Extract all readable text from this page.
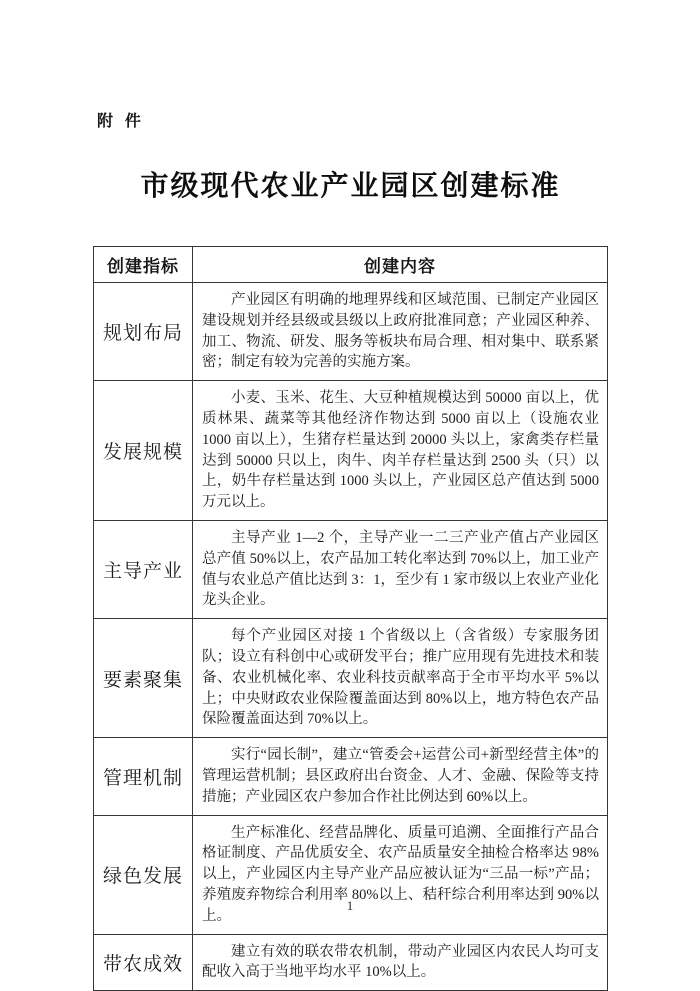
附  件
市级现代农业产业园区创建标准
创建指标	创建内容
规划布局	产业园区有明确的地理界线和区域范围、已制定产业园区建设规划并经县级或县级以上政府批准同意；产业园区种养、加工、物流、研发、服务等板块布局合理、相对集中、联系紧密；制定有较为完善的实施方案。

发展规模	小麦、玉米、花生、大豆种植规模达到 50000 亩以上，优质林果、蔬菜等其他经济作物达到 5000 亩以上（设施农业 1000 亩以上），生猪存栏量达到 20000 头以上，家禽类存栏量达到 50000 只以上，肉牛、肉羊存栏量达到 2500 头（只）以上，奶牛存栏量达到 1000 头以上，产业园区总产值达到 5000 万元以上。

主导产业	主导产业 1—2 个，主导产业一二三产业产值占产业园区总产值 50%以上，农产品加工转化率达到 70%以上，加工业产值与农业总产值比达到 3：1，至少有 1 家市级以上农业产业化龙头企业。

要素聚集	每个产业园区对接 1 个省级以上（含省级）专家服务团队；设立有科创中心或研发平台；推广应用现有先进技术和装备、农业机械化率、农业科技贡献率高于全市平均水平 5%以上；中央财政农业保险覆盖面达到 80%以上，地方特色农产品保险覆盖面达到 70%以上。

管理机制	实行“园长制”，建立“管委会+运营公司+新型经营主体”的管理运营机制；县区政府出台资金、人才、金融、保险等支持措施；产业园区农户参加合作社比例达到 60%以上。

绿色发展	生产标准化、经营品牌化、质量可追溯、全面推行产品合格证制度、产品优质安全、农产品质量安全抽检合格率达 98%以上，产业园区内主导产业产品应被认证为“三品一标”产品；养殖废弃物综合利用率 80%以上、秸秆综合利用率达到 90%以上。

带农成效	建立有效的联农带农机制，带动产业园区内农民人均可支配收入高于当地平均水平 10%以上。

1
